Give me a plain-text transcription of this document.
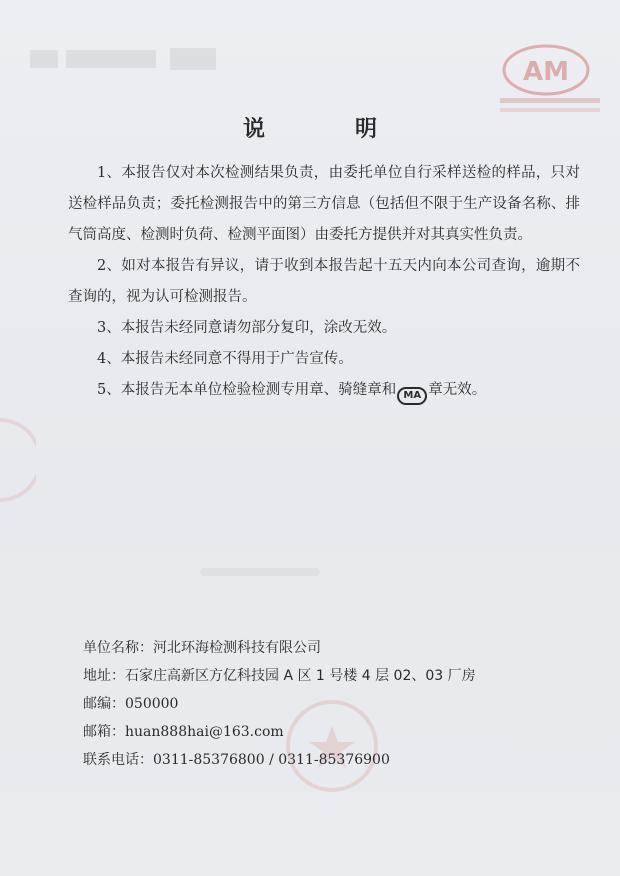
AM
说　明

1、本报告仅对本次检测结果负责，由委托单位自行采样送检的样品，只对送检样品负责；委托检测报告中的第三方信息（包括但不限于生产设备名称、排气筒高度、检测时负荷、检测平面图）由委托方提供并对其真实性负责。

2、如对本报告有异议，请于收到本报告起十五天内向本公司查询，逾期不查询的，视为认可检测报告。

3、本报告未经同意请勿部分复印，涂改无效。

4、本报告未经同意不得用于广告宣传。

5、本报告无本单位检验检测专用章、骑缝章和 MA 章无效。

单位名称：河北环海检测科技有限公司

地址：石家庄高新区方亿科技园 A 区 1 号楼 4 层 02、03 厂房

邮编：050000

邮箱：huan888hai@163.com

联系电话：0311-85376800 / 0311-85376900
